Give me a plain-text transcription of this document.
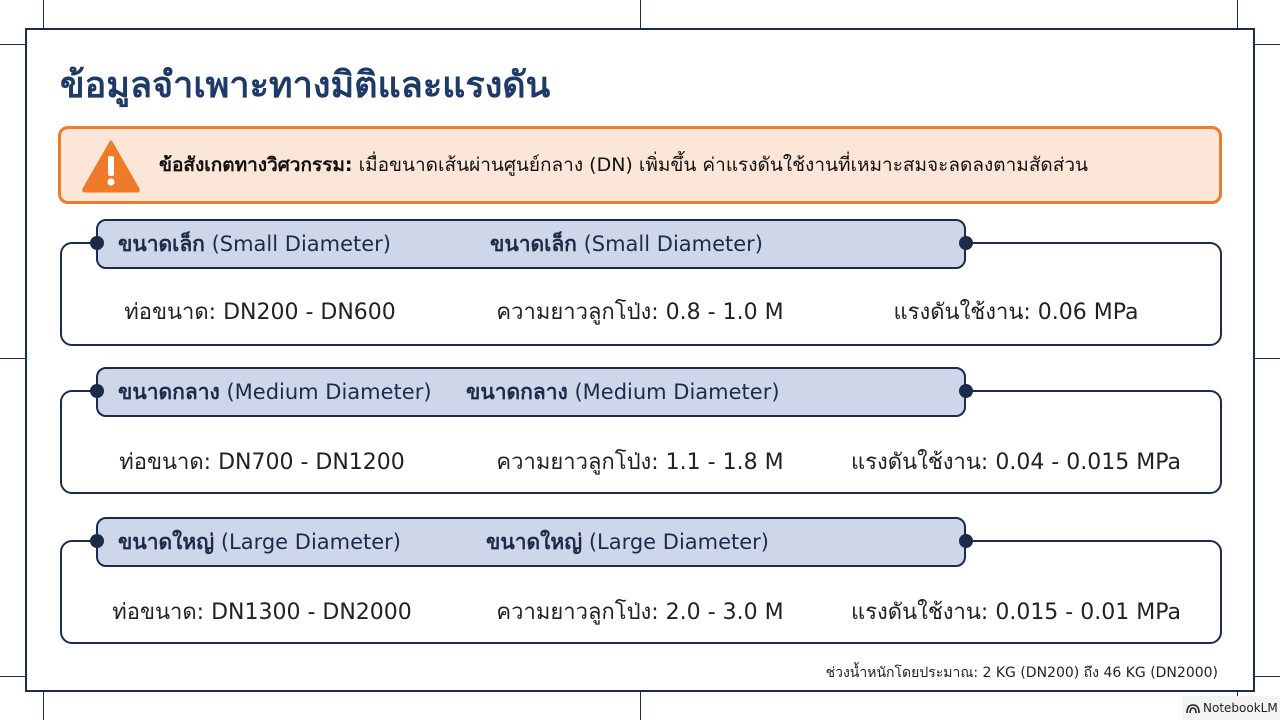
ข้อมูลจำเพาะทางมิติและแรงดัน
ข้อสังเกตทางวิศวกรรม: เมื่อขนาดเส้นผ่านศูนย์กลาง (DN) เพิ่มขึ้น ค่าแรงดันใช้งานที่เหมาะสมจะลดลงตามสัดส่วน
ขนาดเล็ก (Small Diameter)	ขนาดเล็ก (Small Diameter)
ท่อขนาด: DN200 - DN600	ความยาวลูกโป่ง: 0.8 - 1.0 M	แรงดันใช้งาน: 0.06 MPa
ขนาดกลาง (Medium Diameter) ขนาดกลาง (Medium Diameter)
ท่อขนาด: DN700 - DN1200	ความยาวลูกโป่ง: 1.1 - 1.8 M	แรงดันใช้งาน: 0.04 - 0.015 MPa
ขนาดใหญ่ (Large Diameter)	ขนาดใหญ่ (Large Diameter)
ท่อขนาด: DN1300 - DN2000	ความยาวลูกโป่ง: 2.0 - 3.0 M	แรงดันใช้งาน: 0.015 - 0.01 MPa
ช่วงน้ำหนักโดยประมาณ: 2 KG (DN200) ถึง 46 KG (DN2000)
NotebookLM
